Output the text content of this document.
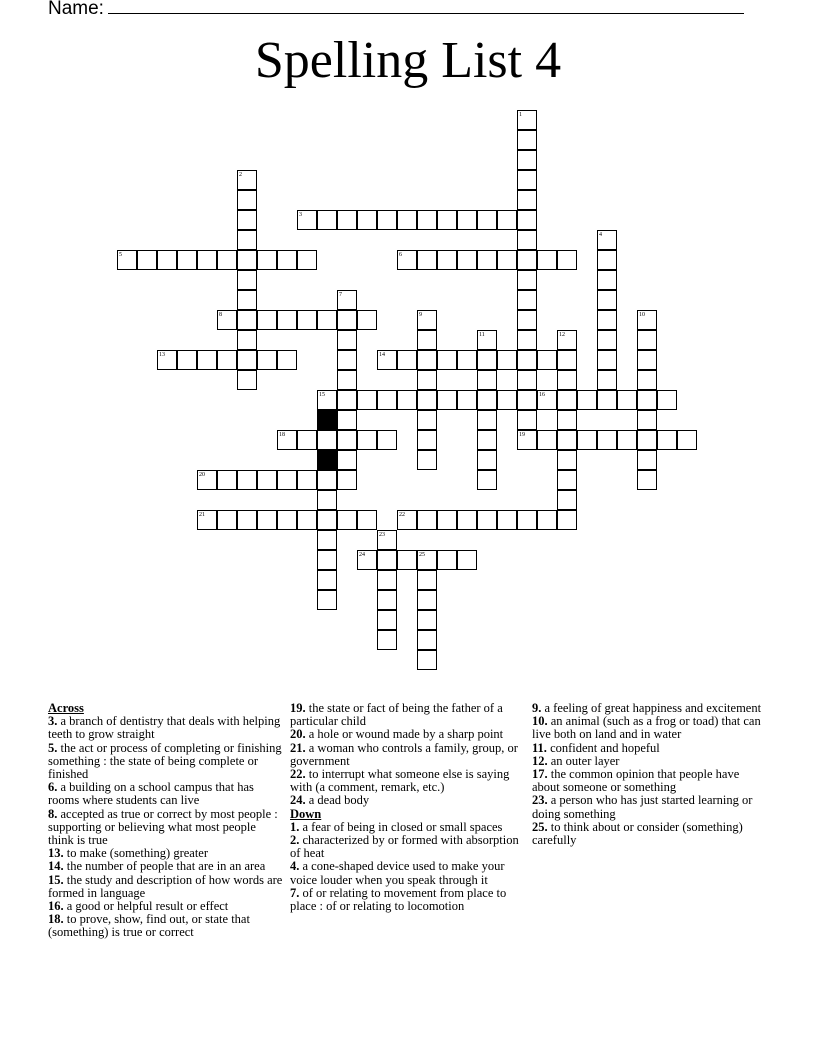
Name:
Spelling List 4
1
2
3
4
5	6
7
8	9	10
11	12
13	14
15	16
17
18	19
20
21	22
23
24	25
Across
3. a branch of dentistry that deals with helping teeth to grow straight
5. the act or process of completing or finishing something : the state of being complete or finished
6. a building on a school campus that has rooms where students can live
8. accepted as true or correct by most people : supporting or believing what most people think is true
13. to make (something) greater
14. the number of people that are in an area
15. the study and description of how words are formed in language
16. a good or helpful result or effect
18. to prove, show, find out, or state that (something) is true or correct
19. the state or fact of being the father of a particular child
20. a hole or wound made by a sharp point
21. a woman who controls a family, group, or government
22. to interrupt what someone else is saying with (a comment, remark, etc.)
24. a dead body
Down
1. a fear of being in closed or small spaces
2. characterized by or formed with absorption of heat
4. a cone-shaped device used to make your voice louder when you speak through it
7. of or relating to movement from place to place : of or relating to locomotion
9. a feeling of great happiness and excitement
10. an animal (such as a frog or toad) that can live both on land and in water
11. confident and hopeful
12. an outer layer
17. the common opinion that people have about someone or something
23. a person who has just started learning or doing something
25. to think about or consider (something) carefully
